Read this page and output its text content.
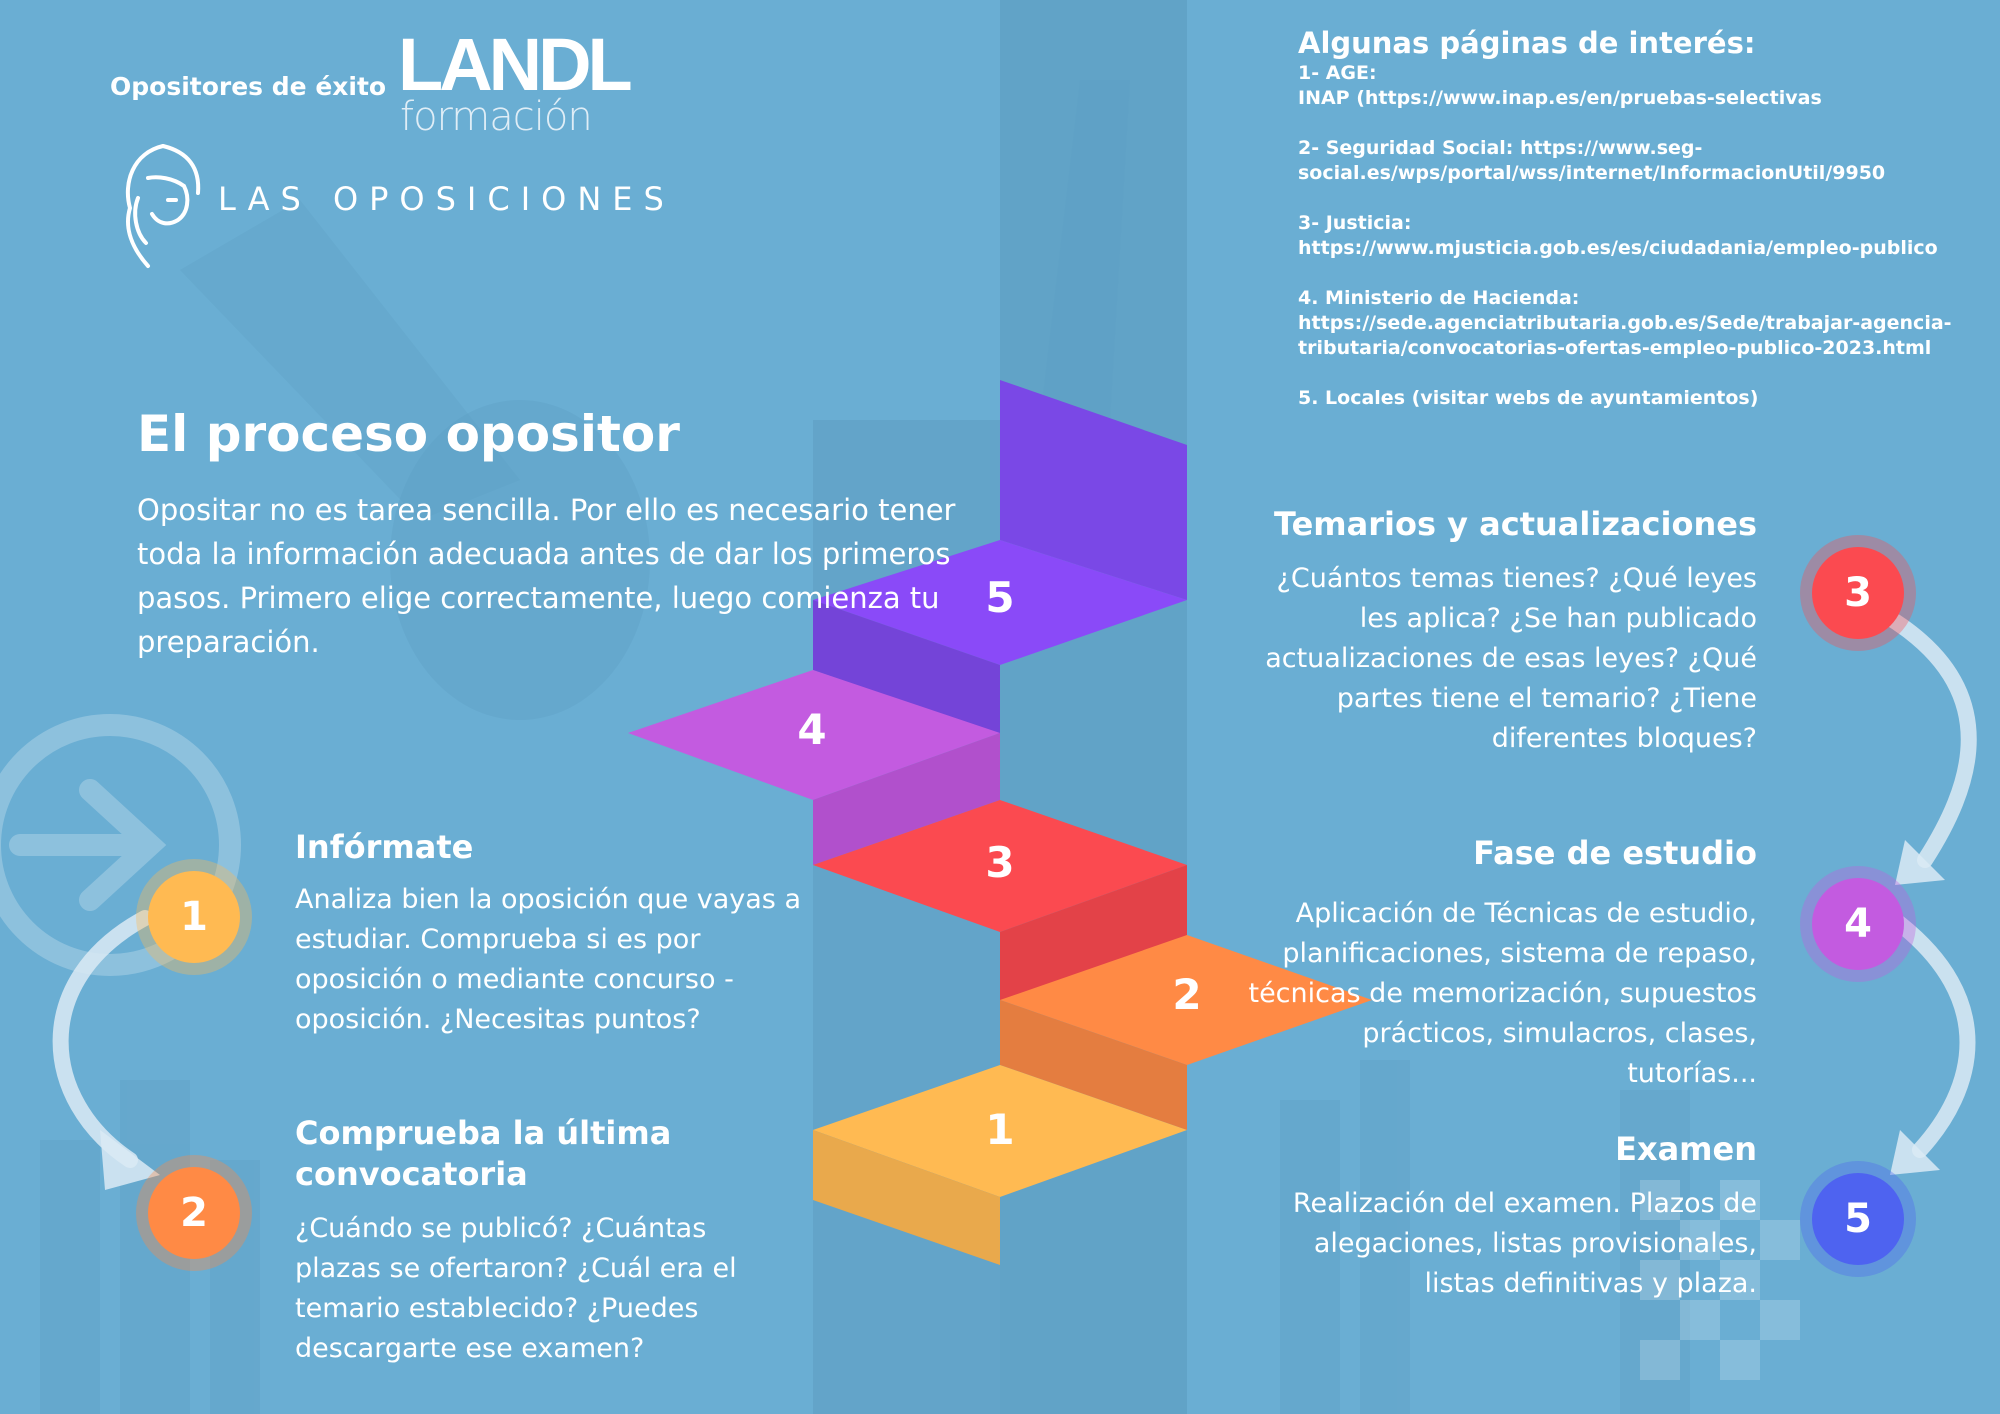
Opositores de éxito LANDL
formación
LAS OPOSICIONES
El proceso opositor
Opositar no es tarea sencilla. Por ello es necesario tener toda la información adecuada antes de dar los primeros pasos. Primero elige correctamente, luego comienza tu preparación.
Algunas páginas de interés:
1- AGE:
INAP (https://www.inap.es/en/pruebas-selectivas
2- Seguridad Social: https://www.seg-
social.es/wps/portal/wss/internet/InformacionUtil/9950
3- Justicia:
https://www.mjusticia.gob.es/es/ciudadania/empleo-publico
4. Ministerio de Hacienda:
https://sede.agenciatributaria.gob.es/Sede/trabajar-agencia-
tributaria/convocatorias-ofertas-empleo-publico-2023.html
5. Locales (visitar webs de ayuntamientos)
1
2
3
4
5
1
Infórmate
Analiza bien la oposición que vayas a estudiar. Comprueba si es por oposición o mediante concurso - oposición. ¿Necesitas puntos?
2
Comprueba la última convocatoria
¿Cuándo se publicó? ¿Cuántas plazas se ofertaron? ¿Cuál era el temario establecido? ¿Puedes descargarte ese examen?
3
Temarios y actualizaciones
¿Cuántos temas tienes? ¿Qué leyes les aplica? ¿Se han publicado actualizaciones de esas leyes? ¿Qué partes tiene el temario? ¿Tiene diferentes bloques?
4
Fase de estudio
Aplicación de Técnicas de estudio, planificaciones, sistema de repaso, técnicas de memorización, supuestos prácticos, simulacros, clases, tutorías...
5
Examen
Realización del examen. Plazos de alegaciones, listas provisionales, listas definitivas y plaza.
